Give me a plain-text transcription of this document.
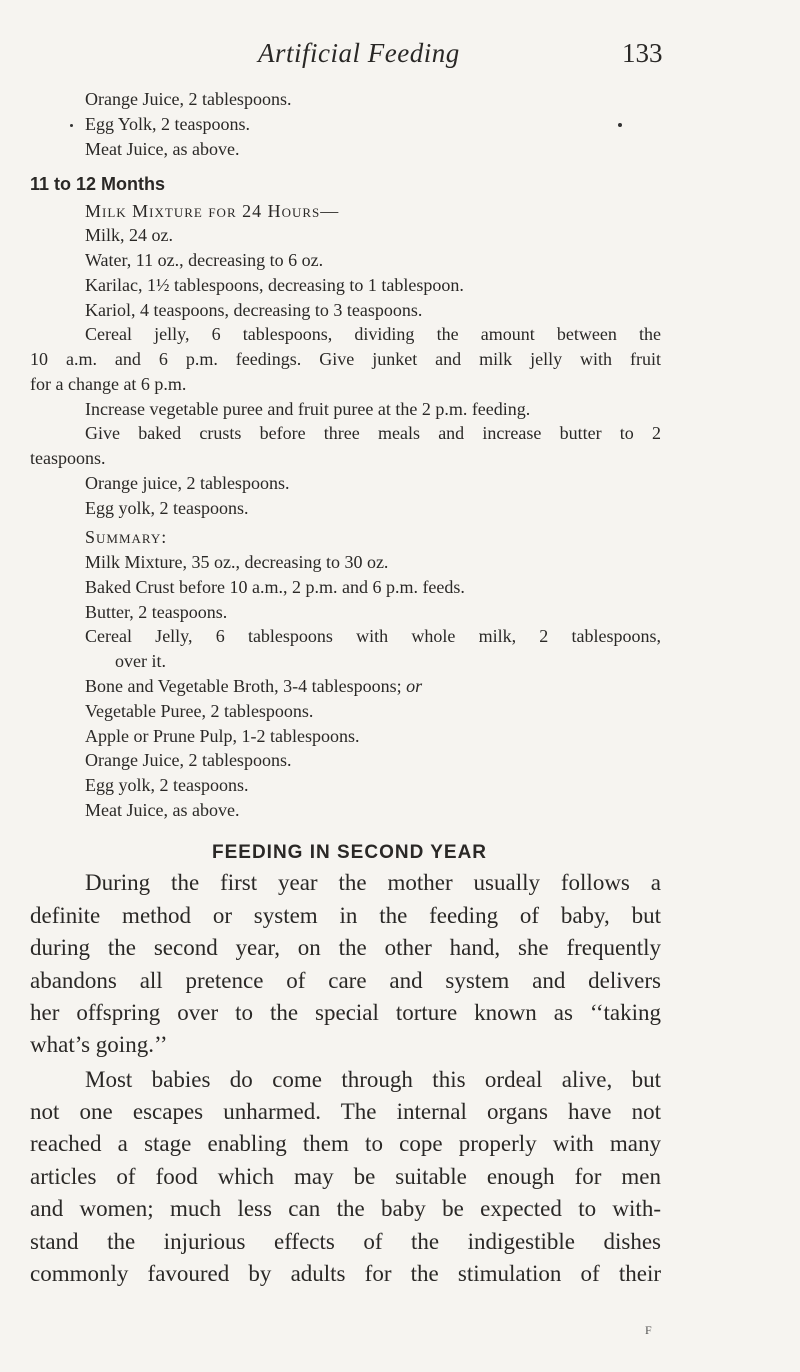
Artificial Feeding	133
Orange Juice, 2 tablespoons.
Egg Yolk, 2 teaspoons.
Meat Juice, as above.
11 to 12 Months
Milk Mixture for 24 Hours—
Milk, 24 oz.
Water, 11 oz., decreasing to 6 oz.
Karilac, 1½ tablespoons, decreasing to 1 tablespoon.
Kariol, 4 teaspoons, decreasing to 3 teaspoons.
Cereal jelly, 6 tablespoons, dividing the amount between the
10 a.m. and 6 p.m. feedings. Give junket and milk jelly with fruit
for a change at 6 p.m.
Increase vegetable puree and fruit puree at the 2 p.m. feeding.
Give baked crusts before three meals and increase butter to 2
teaspoons.
Orange juice, 2 tablespoons.
Egg yolk, 2 teaspoons.
Summary:
Milk Mixture, 35 oz., decreasing to 30 oz.
Baked Crust before 10 a.m., 2 p.m. and 6 p.m. feeds.
Butter, 2 teaspoons.
Cereal Jelly, 6 tablespoons with whole milk, 2 tablespoons,
over it.
Bone and Vegetable Broth, 3-4 tablespoons; or
Vegetable Puree, 2 tablespoons.
Apple or Prune Pulp, 1-2 tablespoons.
Orange Juice, 2 tablespoons.
Egg yolk, 2 teaspoons.
Meat Juice, as above.
FEEDING IN SECOND YEAR
During the first year the mother usually follows a
definite method or system in the feeding of baby, but
during the second year, on the other hand, she frequently
abandons all pretence of care and system and delivers
her offspring over to the special torture known as ‘‘taking
what’s going.’’
Most babies do come through this ordeal alive, but
not one escapes unharmed. The internal organs have not
reached a stage enabling them to cope properly with many
articles of food which may be suitable enough for men
and women; much less can the baby be expected to with-
stand the injurious effects of the indigestible dishes
commonly favoured by adults for the stimulation of their
F
